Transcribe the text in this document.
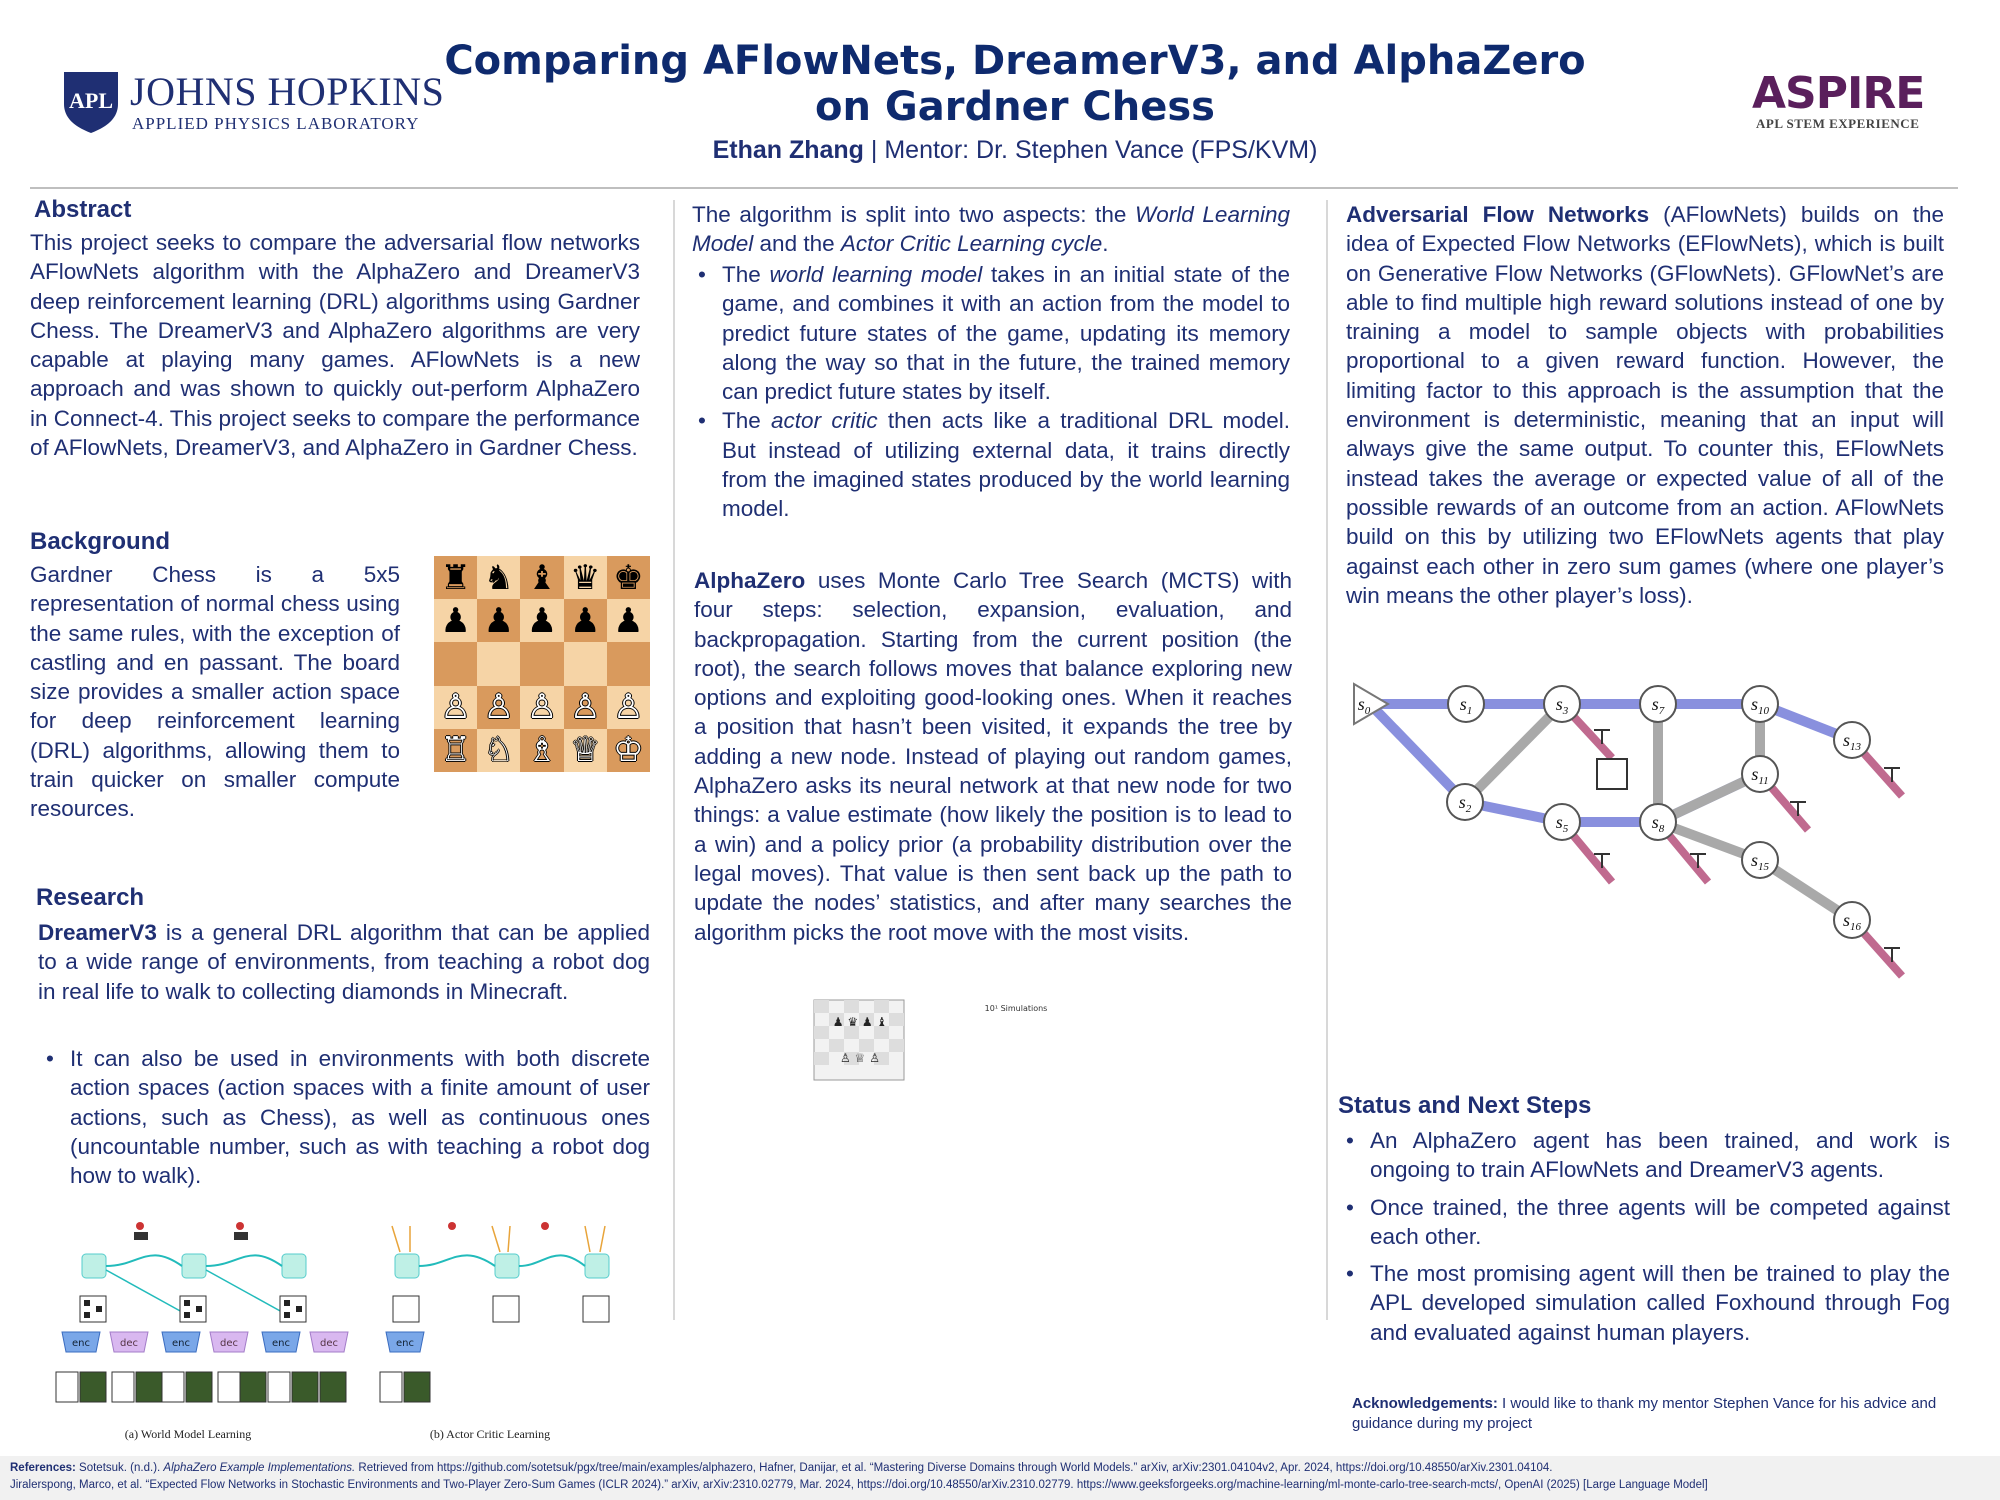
APL JOHNS HOPKINS
APPLIED PHYSICS LABORATORY
Comparing AFlowNets, DreamerV3, and AlphaZero
on Gardner Chess
Ethan Zhang | Mentor: Dr. Stephen Vance (FPS/KVM)
ASPIRE
APL STEM EXPERIENCE
Abstract
This project seeks to compare the adversarial flow networks AFlowNets algorithm with the AlphaZero and DreamerV3 deep reinforcement learning (DRL) algorithms using Gardner Chess. The DreamerV3 and AlphaZero algorithms are very capable at playing many games. AFlowNets is a new approach and was shown to quickly out-perform AlphaZero in Connect-4. This project seeks to compare the performance of AFlowNets, DreamerV3, and AlphaZero in Gardner Chess.
Background
Gardner Chess is a 5x5 representation of normal chess using the same rules, with the exception of castling and en passant. The board size provides a smaller action space for deep reinforcement learning (DRL) algorithms, allowing them to train quicker on smaller compute resources.
♜ ♞ ♝ ♛ ♚
♟ ♟ ♟ ♟ ♟
♙ ♙ ♙ ♙ ♙
♖ ♘ ♗ ♕ ♔
Research
DreamerV3 is a general DRL algorithm that can be applied to a wide range of environments, from teaching a robot dog in real life to walk to collecting diamonds in Minecraft.
• It can also be used in environments with both discrete action spaces (action spaces with a finite amount of user actions, such as Chess), as well as continuous ones (uncountable number, such as with teaching a robot dog how to walk).
enc	dec	enc	dec	enc	dec
(a) World Model Learning
enc
(b) Actor Critic Learning
The algorithm is split into two aspects: the World Learning Model and the Actor Critic Learning cycle.
• The world learning model takes in an initial state of the game, and combines it with an action from the model to predict future states of the game, updating its memory along the way so that in the future, the trained memory can predict future states by itself.
• The actor critic then acts like a traditional DRL model. But instead of utilizing external data, it trains directly from the imagined states produced by the world learning model.
AlphaZero uses Monte Carlo Tree Search (MCTS) with four steps: selection, expansion, evaluation, and backpropagation. Starting from the current position (the root), the search follows moves that balance exploring new options and exploiting good-looking ones. When it reaches a position that hasn’t been visited, it expands the tree by adding a new node. Instead of playing out random games, AlphaZero asks its neural network at that new node for two things: a value estimate (how likely the position is to lead to a win) and a policy prior (a probability distribution over the legal moves). That value is then sent back up the path to update the nodes’ statistics, and after many searches the algorithm picks the root move with the most visits.
♟ ♛ ♟ ♝
♙ ♕ ♙
10¹ Simulations
Adversarial Flow Networks (AFlowNets) builds on the idea of Expected Flow Networks (EFlowNets), which is built on Generative Flow Networks (GFlowNets). GFlowNet’s are able to find multiple high reward solutions instead of one by training a model to sample objects with probabilities proportional to a given reward function. However, the limiting factor to this approach is the assumption that the environment is deterministic, meaning that an input will always give the same output. To counter this, EFlowNets instead takes the average or expected value of all of the possible rewards of an outcome from an action. AFlowNets build on this by utilizing two EFlowNets agents that play against each other in zero sum games (where one player’s win means the other player’s loss).
$s_0$	$s_1$
$s_2$
$s_3$
$s_5$
$s_7$
$s_8$
$s_{10}$
$s_{11}$
$s_{13}$
$s_{15}$
$s_{16}$
Status and Next Steps
• An AlphaZero agent has been trained, and work is ongoing to train AFlowNets and DreamerV3 agents.
• Once trained, the three agents will be competed against each other.
• The most promising agent will then be trained to play the APL developed simulation called Foxhound through Fog and evaluated against human players.
Acknowledgements: I would like to thank my mentor Stephen Vance for his advice and guidance during my project
References: Sotetsuk. (n.d.). AlphaZero Example Implementations. Retrieved from https://github.com/sotetsuk/pgx/tree/main/examples/alphazero, Hafner, Danijar, et al. “Mastering Diverse Domains through World Models.” arXiv, arXiv:2301.04104v2, Apr. 2024, https://doi.org/10.48550/arXiv.2301.04104.
Jiralerspong, Marco, et al. “Expected Flow Networks in Stochastic Environments and Two-Player Zero-Sum Games (ICLR 2024).” arXiv, arXiv:2310.02779, Mar. 2024, https://doi.org/10.48550/arXiv.2310.02779. https://www.geeksforgeeks.org/machine-learning/ml-monte-carlo-tree-search-mcts/, OpenAI (2025) [Large Language Model]
